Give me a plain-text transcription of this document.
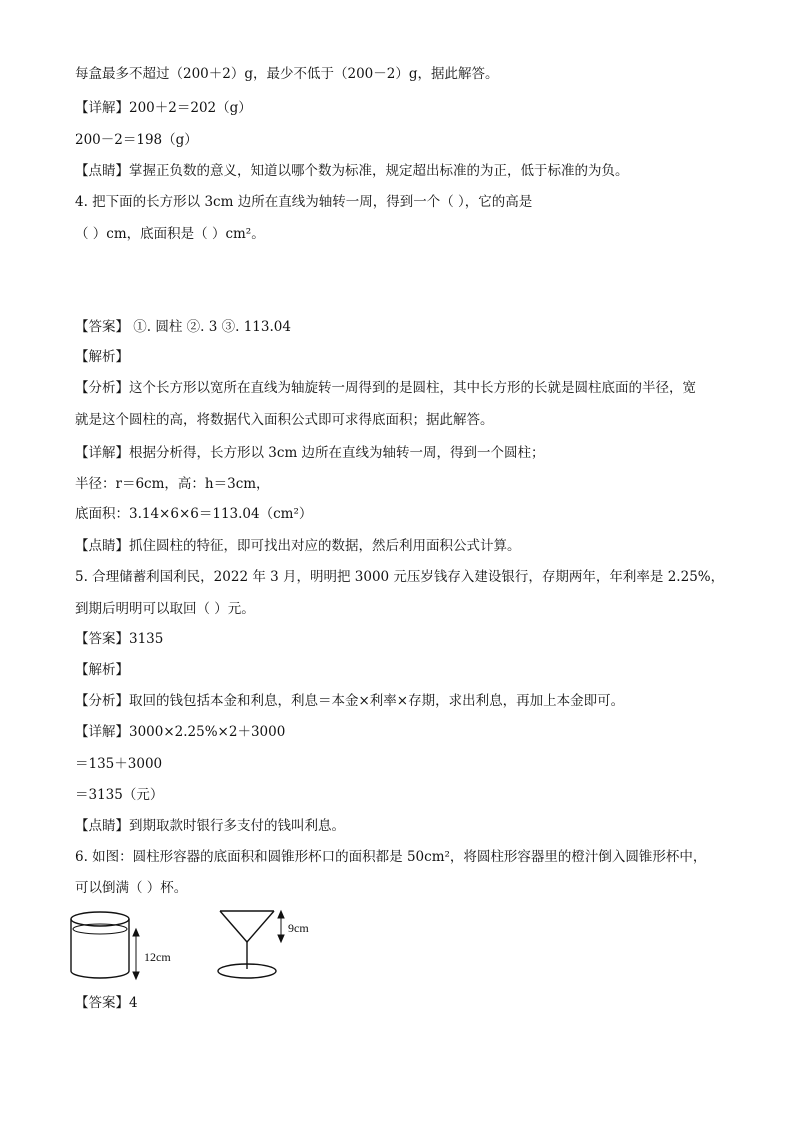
每盒最多不超过（200＋2）g，最少不低于（200－2）g，据此解答。
【详解】200＋2＝202（g）
200－2＝198（g）
【点睛】掌握正负数的意义，知道以哪个数为标准，规定超出标准的为正，低于标准的为负。
4. 把下面的长方形以 3cm 边所在直线为轴转一周，得到一个（ ），它的高是
（ ）cm，底面积是（ ）cm²。
【答案】 ①. 圆柱 ②. 3 ③. 113.04
【解析】
【分析】这个长方形以宽所在直线为轴旋转一周得到的是圆柱，其中长方形的长就是圆柱底面的半径，宽
就是这个圆柱的高，将数据代入面积公式即可求得底面积；据此解答。
【详解】根据分析得，长方形以 3cm 边所在直线为轴转一周，得到一个圆柱；
半径：r＝6cm，高：h＝3cm，
底面积：3.14×6×6＝113.04（cm²）
【点睛】抓住圆柱的特征，即可找出对应的数据，然后利用面积公式计算。
5. 合理储蓄利国利民，2022 年 3 月，明明把 3000 元压岁钱存入建设银行，存期两年，年利率是 2.25%，
到期后明明可以取回（ ）元。
【答案】3135
【解析】
【分析】取回的钱包括本金和利息，利息＝本金×利率×存期，求出利息，再加上本金即可。
【详解】3000×2.25%×2＋3000
＝135＋3000
＝3135（元）
【点睛】到期取款时银行多支付的钱叫利息。
6. 如图：圆柱形容器的底面积和圆锥形杯口的面积都是 50cm²，将圆柱形容器里的橙汁倒入圆锥形杯中，
可以倒满（ ）杯。
12cm
9cm
【答案】4
